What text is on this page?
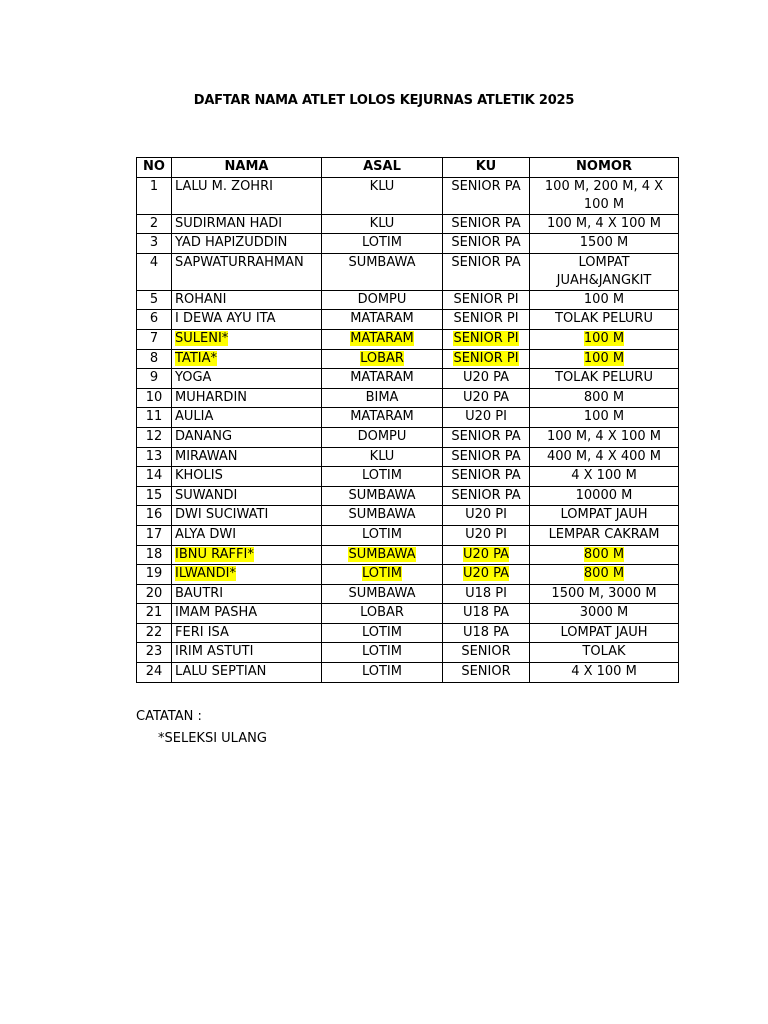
DAFTAR NAMA ATLET LOLOS KEJURNAS ATLETIK 2025
NO	NAMA	ASAL	KU	NOMOR
1	LALU M. ZOHRI	KLU	SENIOR PA	100 M, 200 M, 4 X 100 M
2	SUDIRMAN HADI	KLU	SENIOR PA	100 M, 4 X 100 M
3	YAD HAPIZUDDIN	LOTIM	SENIOR PA	1500 M
4	SAPWATURRAHMAN	SUMBAWA	SENIOR PA	LOMPAT JUAH&JANGKIT
5	ROHANI	DOMPU	SENIOR PI	100 M
6	I DEWA AYU ITA	MATARAM	SENIOR PI	TOLAK PELURU
7	SULENI*	MATARAM	SENIOR PI	100 M
8	TATIA*	LOBAR	SENIOR PI	100 M
9	YOGA	MATARAM	U20 PA	TOLAK PELURU
10	MUHARDIN	BIMA	U20 PA	800 M
11	AULIA	MATARAM	U20 PI	100 M
12	DANANG	DOMPU	SENIOR PA	100 M, 4 X 100 M
13	MIRAWAN	KLU	SENIOR PA	400 M, 4 X 400 M
14	KHOLIS	LOTIM	SENIOR PA	4 X 100 M
15	SUWANDI	SUMBAWA	SENIOR PA	10000 M
16	DWI SUCIWATI	SUMBAWA	U20 PI	LOMPAT JAUH
17	ALYA DWI	LOTIM	U20 PI	LEMPAR CAKRAM
18	IBNU RAFFI*	SUMBAWA	U20 PA	800 M
19	ILWANDI*	LOTIM	U20 PA	800 M
20	BAUTRI	SUMBAWA	U18 PI	1500 M, 3000 M
21	IMAM PASHA	LOBAR	U18 PA	3000 M
22	FERI ISA	LOTIM	U18 PA	LOMPAT JAUH
23	IRIM ASTUTI	LOTIM	SENIOR	TOLAK
24	LALU SEPTIAN	LOTIM	SENIOR	4 X 100 M
CATATAN :
*SELEKSI ULANG
